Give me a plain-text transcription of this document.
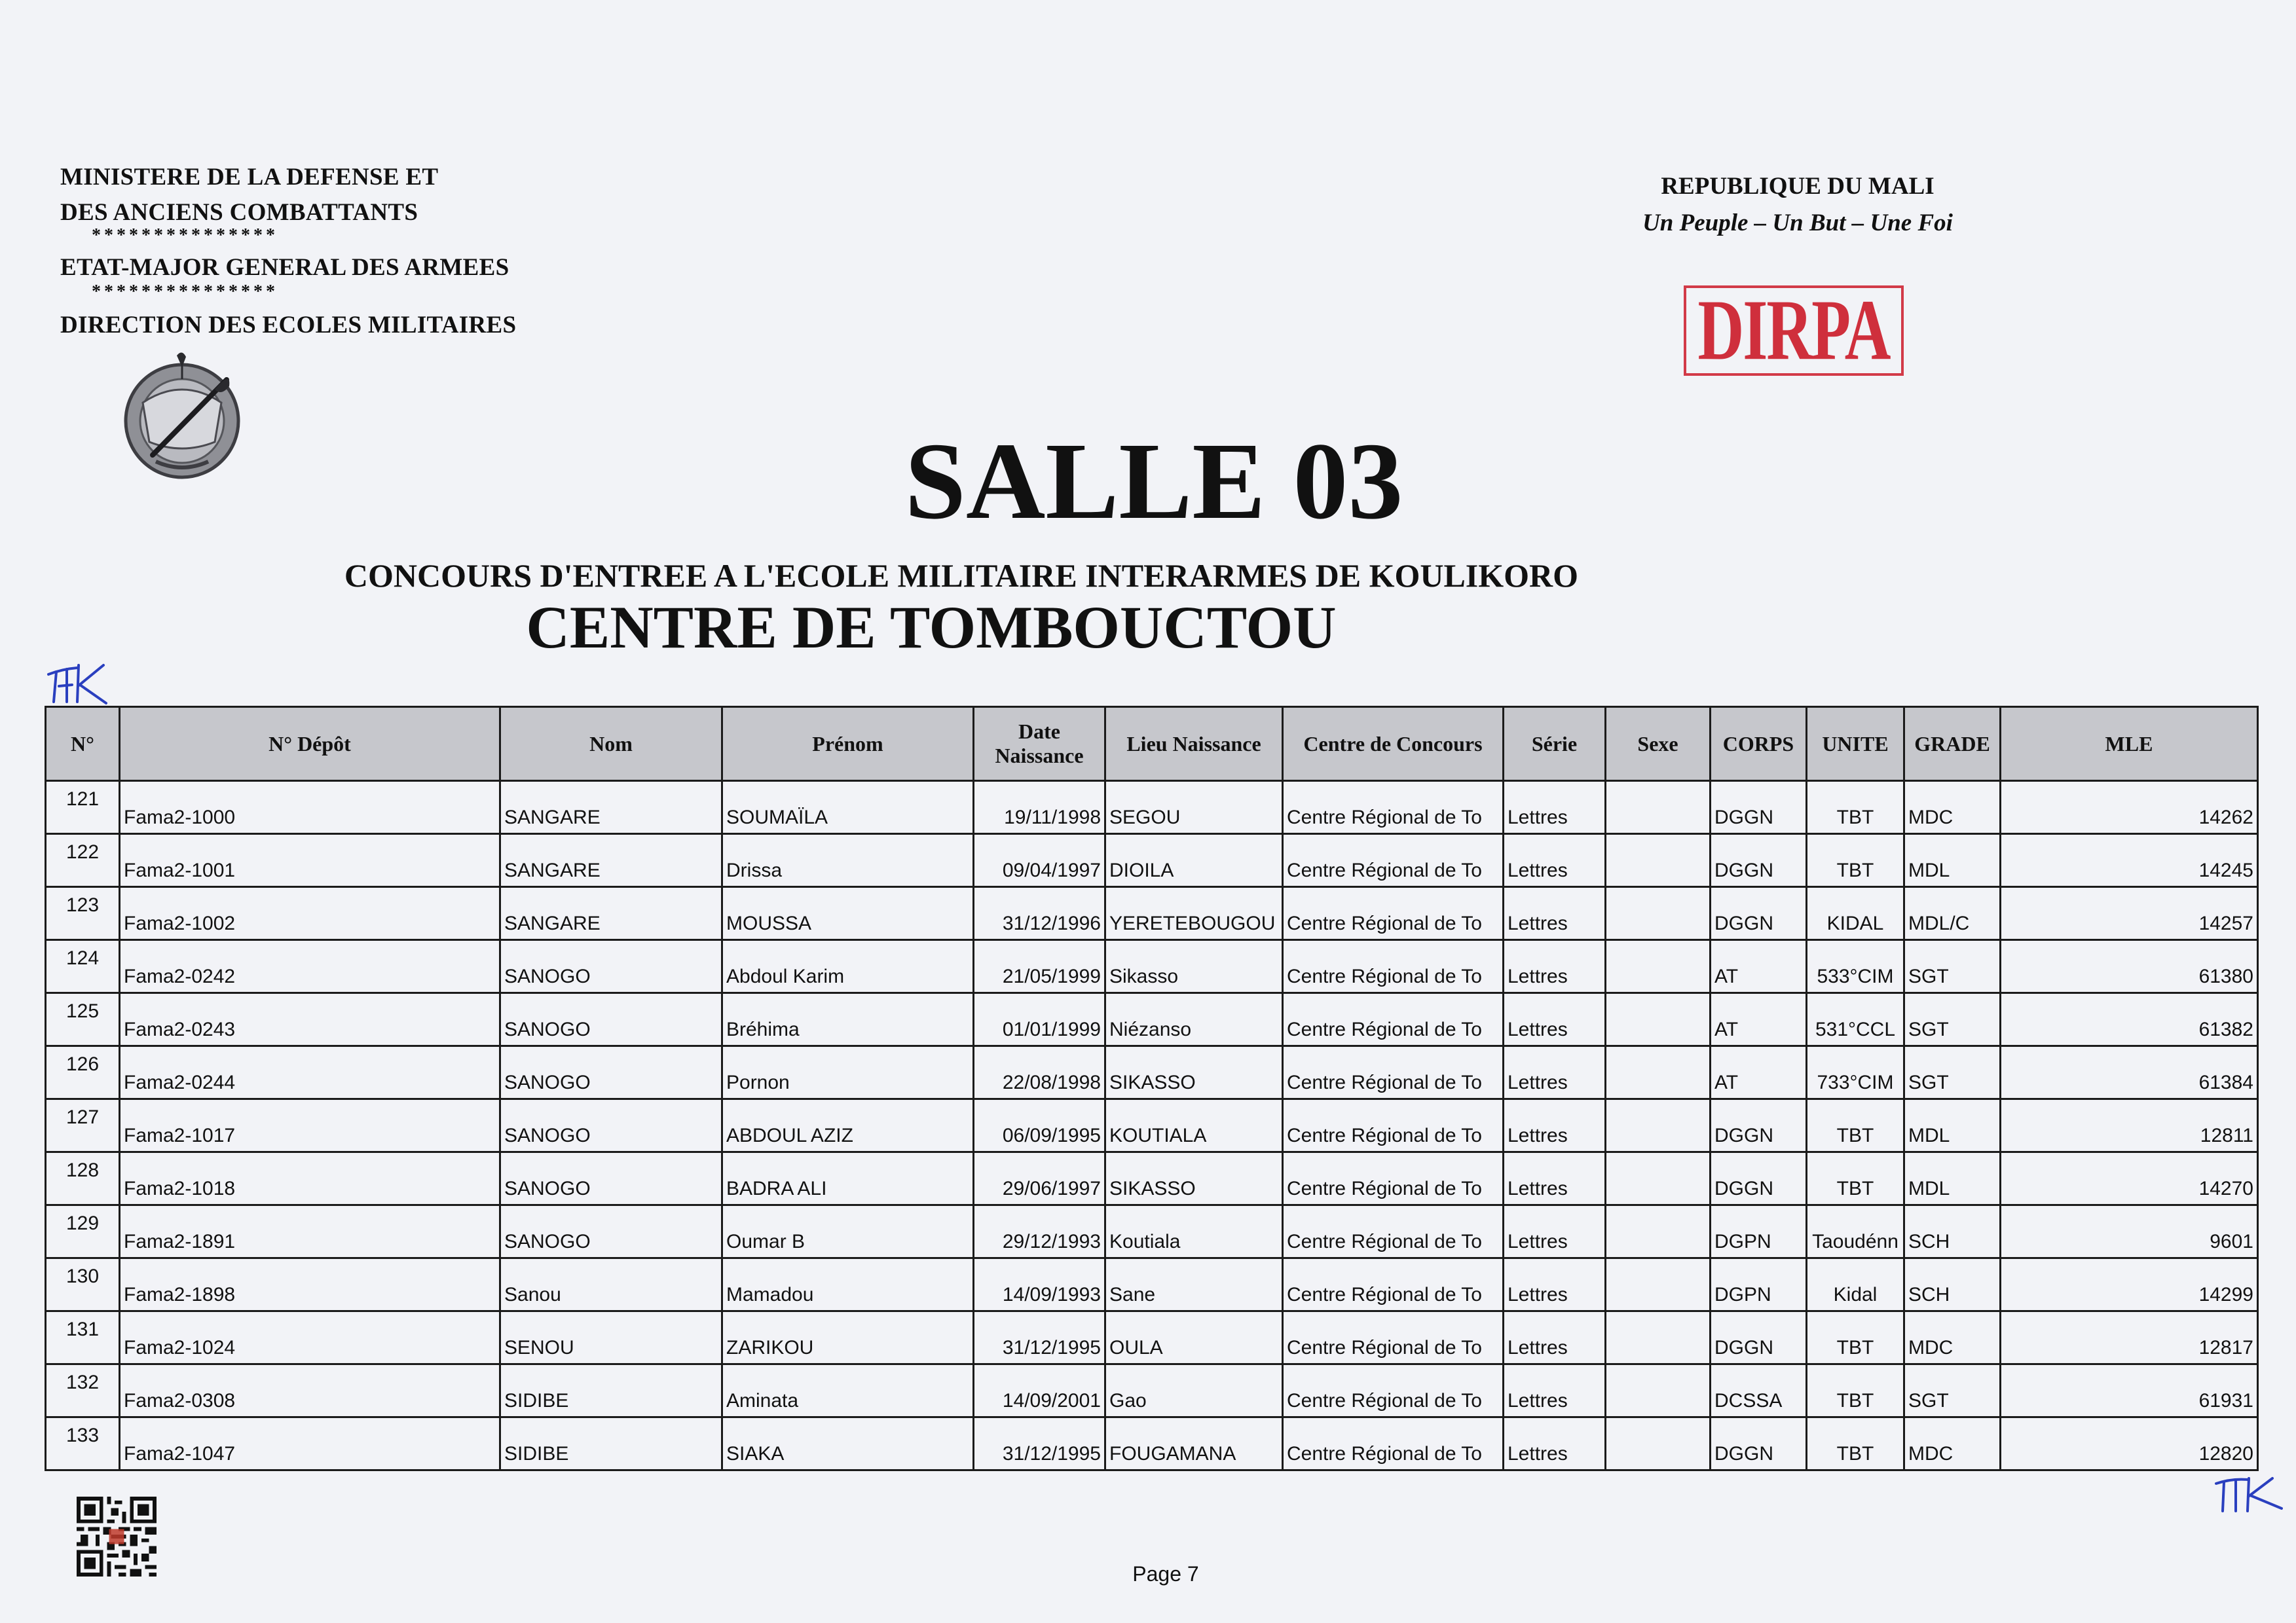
MINISTERE DE LA DEFENSE ET
DES ANCIENS COMBATTANTS
***************
ETAT-MAJOR GENERAL DES ARMEES
***************
DIRECTION DES ECOLES MILITAIRES
REPUBLIQUE DU MALI
Un Peuple – Un But – Une Foi
DIRPA
SALLE 03
CONCOURS D'ENTREE A L'ECOLE MILITAIRE INTERARMES DE KOULIKORO
CENTRE DE TOMBOUCTOU
N°	N° Dépôt	Nom	Prénom	Date Naissance	Lieu Naissance	Centre de Concours	Série	Sexe	CORPS	UNITE	GRADE	MLE
121	Fama2-1000	SANGARE	SOUMAÏLA	19/11/1998	SEGOU	Centre Régional de To	Lettres		DGGN	TBT	MDC	14262
122	Fama2-1001	SANGARE	Drissa	09/04/1997	DIOILA	Centre Régional de To	Lettres		DGGN	TBT	MDL	14245
123	Fama2-1002	SANGARE	MOUSSA	31/12/1996	YERETEBOUGOU	Centre Régional de To	Lettres		DGGN	KIDAL	MDL/C	14257
124	Fama2-0242	SANOGO	Abdoul Karim	21/05/1999	Sikasso	Centre Régional de To	Lettres		AT	533°CIM	SGT	61380
125	Fama2-0243	SANOGO	Bréhima	01/01/1999	Niézanso	Centre Régional de To	Lettres		AT	531°CCL	SGT	61382
126	Fama2-0244	SANOGO	Pornon	22/08/1998	SIKASSO	Centre Régional de To	Lettres		AT	733°CIM	SGT	61384
127	Fama2-1017	SANOGO	ABDOUL AZIZ	06/09/1995	KOUTIALA	Centre Régional de To	Lettres		DGGN	TBT	MDL	12811
128	Fama2-1018	SANOGO	BADRA ALI	29/06/1997	SIKASSO	Centre Régional de To	Lettres		DGGN	TBT	MDL	14270
129	Fama2-1891	SANOGO	Oumar B	29/12/1993	Koutiala	Centre Régional de To	Lettres		DGPN	Taoudénn	SCH	9601
130	Fama2-1898	Sanou	Mamadou	14/09/1993	Sane	Centre Régional de To	Lettres		DGPN	Kidal	SCH	14299
131	Fama2-1024	SENOU	ZARIKOU	31/12/1995	OULA	Centre Régional de To	Lettres		DGGN	TBT	MDC	12817
132	Fama2-0308	SIDIBE	Aminata	14/09/2001	Gao	Centre Régional de To	Lettres		DCSSA	TBT	SGT	61931
133	Fama2-1047	SIDIBE	SIAKA	31/12/1995	FOUGAMANA	Centre Régional de To	Lettres		DGGN	TBT	MDC	12820
Page 7
